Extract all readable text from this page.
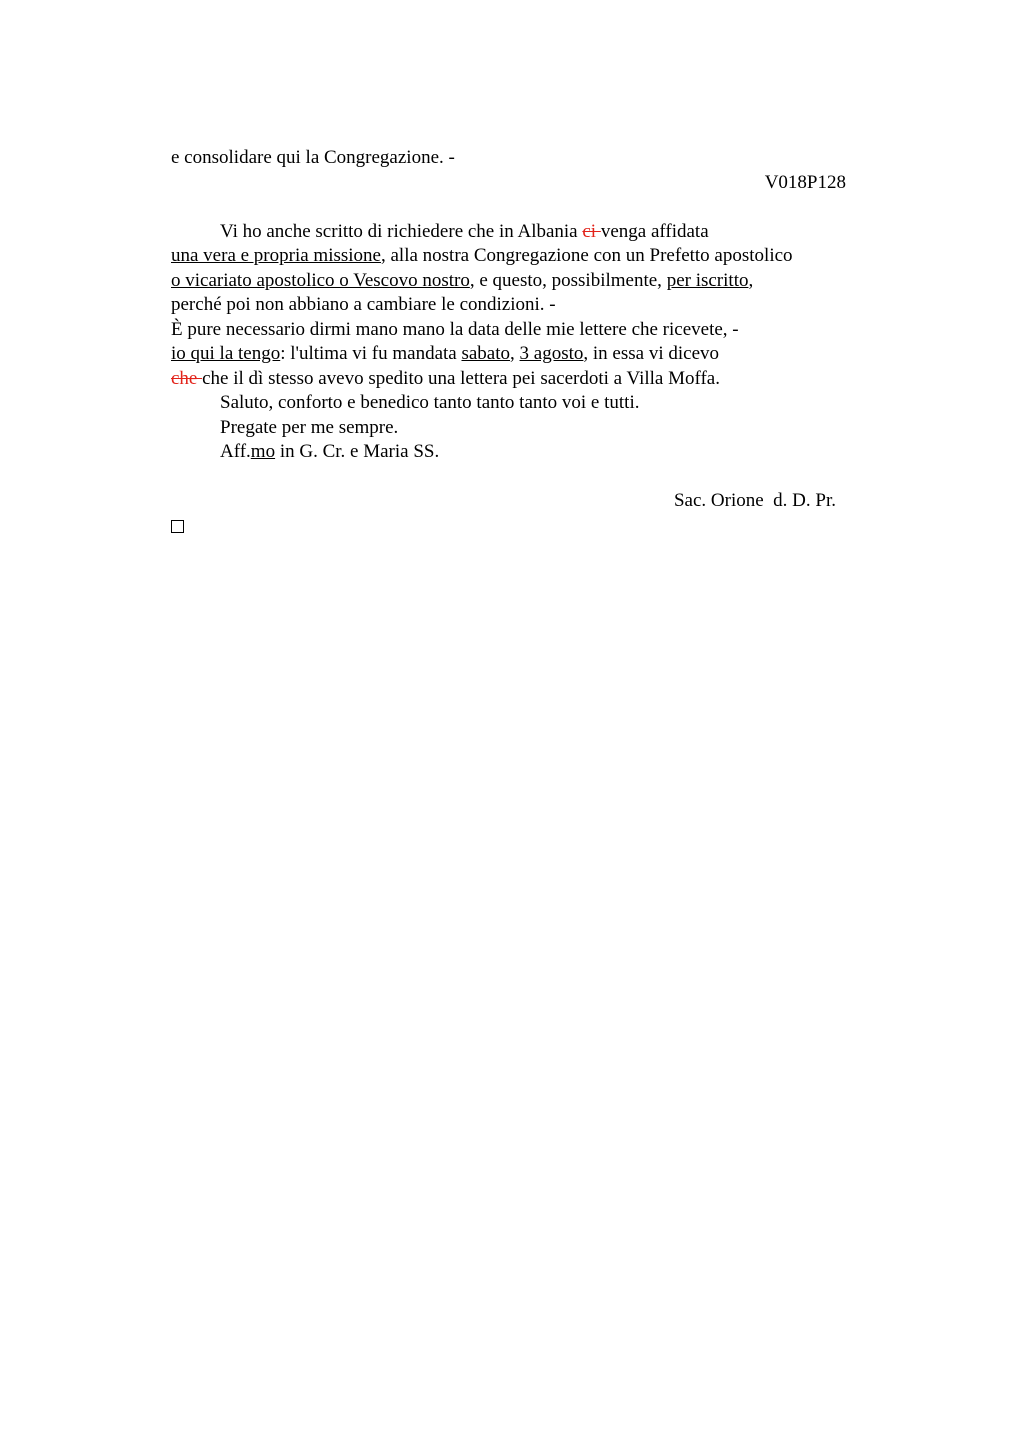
e consolidare qui la Congregazione. -
V018P128
Vi ho anche scritto di richiedere che in Albania ci venga affidata
una vera e propria missione, alla nostra Congregazione con un Prefetto apostolico
o vicariato apostolico o Vescovo nostro, e questo, possibilmente, per iscritto,
perché poi non abbiano a cambiare le condizioni. -
È pure necessario dirmi mano mano la data delle mie lettere che ricevete, -
io qui la tengo: l'ultima vi fu mandata sabato, 3 agosto, in essa vi dicevo
che che il dì stesso avevo spedito una lettera pei sacerdoti a Villa Moffa.
Saluto, conforto e benedico tanto tanto tanto voi e tutti.
Pregate per me sempre.
Aff.mo in G. Cr. e Maria SS.
Sac. Orione  d. D. Pr.
